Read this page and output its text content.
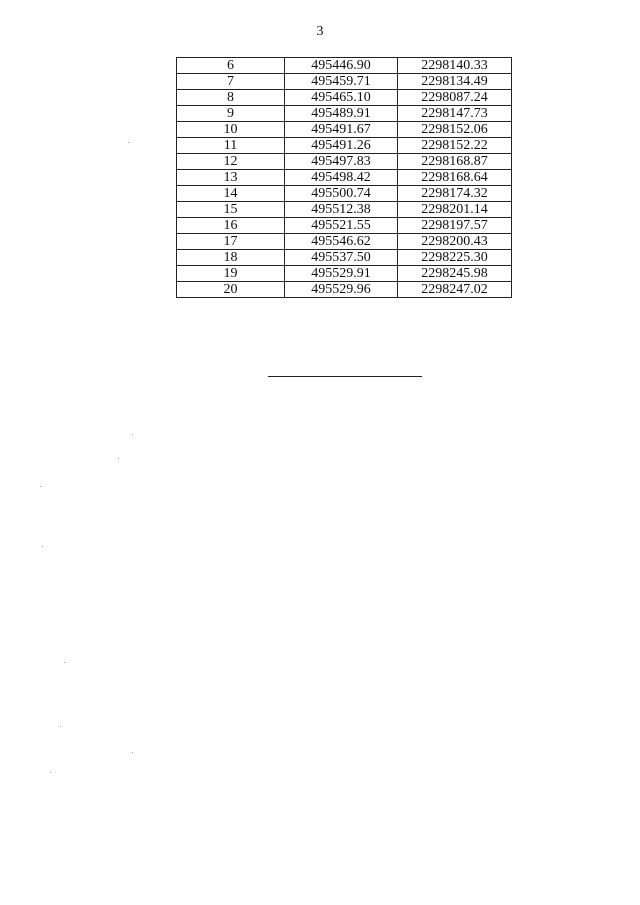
3
6	495446.90	2298140.33
7	495459.71	2298134.49
8	495465.10	2298087.24
9	495489.91	2298147.73
10	495491.67	2298152.06
11	495491.26	2298152.22
12	495497.83	2298168.87
13	495498.42	2298168.64
14	495500.74	2298174.32
15	495512.38	2298201.14
16	495521.55	2298197.57
17	495546.62	2298200.43
18	495537.50	2298225.30
19	495529.91	2298245.98
20	495529.96	2298247.02
